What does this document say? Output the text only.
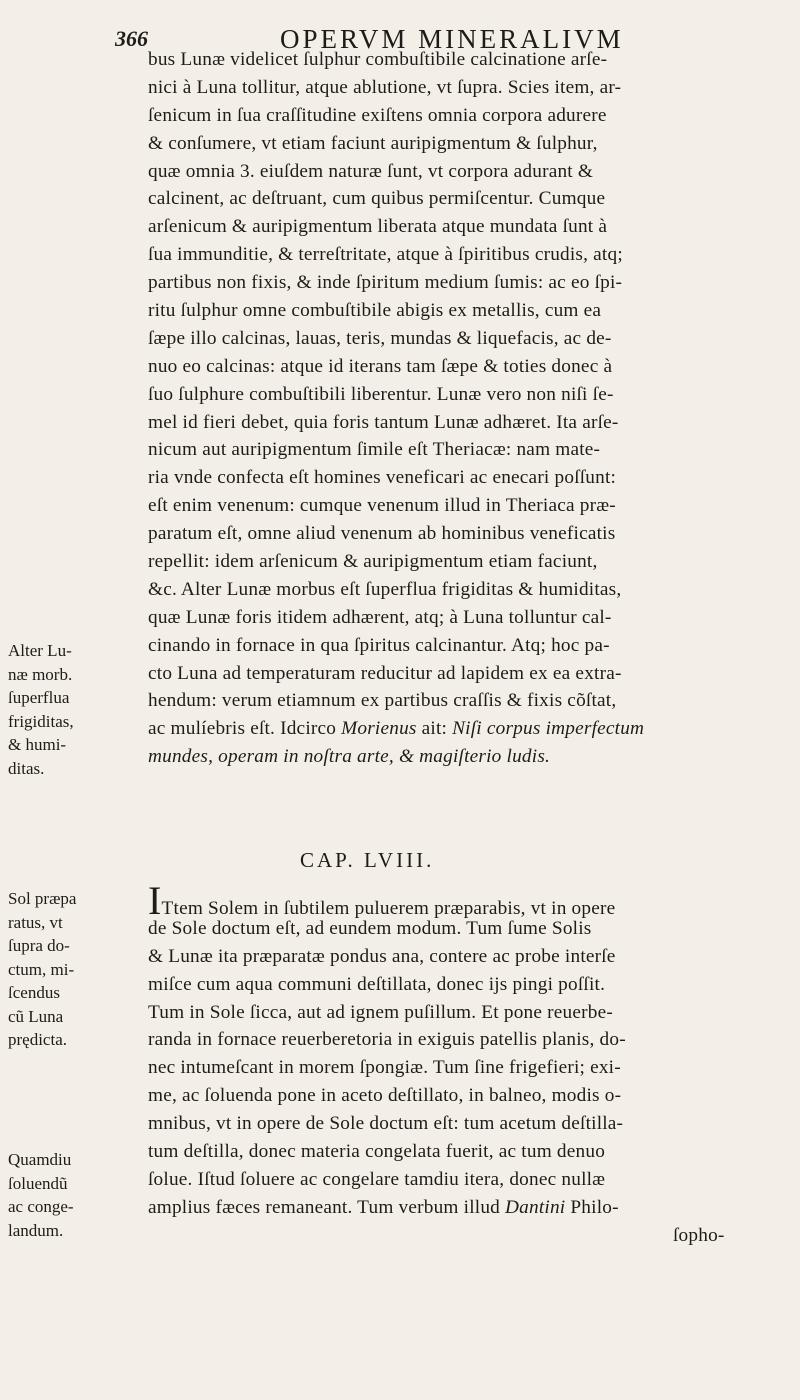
366	OPERVM MINERALIVM
Alter Lu-
næ morb.
ſuperflua
frigiditas,
& humi-
ditas.
Sol præpa
ratus, vt
ſupra do-
ctum, mi-
ſcendus
cũ Luna
prędicta.
Quamdiu
ſoluendũ
ac conge-
landum.
bus Lunæ videlicet ſulphur combuſtibile calcinatione arſe-
nici à Luna tollitur, atque ablutione, vt ſupra. Scies item, ar-
ſenicum in ſua craſſitudine exiſtens omnia corpora adurere
& conſumere, vt etiam faciunt auripigmentum & ſulphur,
quæ omnia 3. eiuſdem naturæ ſunt, vt corpora adurant &
calcinent, ac deſtruant, cum quibus permiſcentur. Cumque
arſenicum & auripigmentum liberata atque mundata ſunt à
ſua immunditie, & terreſtritate, atque à ſpiritibus crudis, atq;
partibus non fixis, & inde ſpiritum medium ſumis: ac eo ſpi-
ritu ſulphur omne combuſtibile abigis ex metallis, cum ea
ſæpe illo calcinas, lauas, teris, mundas & liquefacis, ac de-
nuo eo calcinas: atque id iterans tam ſæpe & toties donec à
ſuo ſulphure combuſtibili liberentur. Lunæ vero non niſi ſe-
mel id fieri debet, quia foris tantum Lunæ adhæret. Ita arſe-
nicum aut auripigmentum ſimile eſt Theriacæ: nam mate-
ria vnde confecta eſt homines veneficari ac enecari poſſunt:
eſt enim venenum: cumque venenum illud in Theriaca præ-
paratum eſt, omne aliud venenum ab hominibus veneficatis
repellit: idem arſenicum & auripigmentum etiam faciunt,
&c. Alter Lunæ morbus eſt ſuperflua frigiditas & humiditas,
quæ Lunæ foris itidem adhærent, atq; à Luna tolluntur cal-
cinando in fornace in qua ſpiritus calcinantur. Atq; hoc pa-
cto Luna ad temperaturam reducitur ad lapidem ex ea extra-
hendum: verum etiamnum ex partibus craſſis & fixis cõſtat,
ac mulíebris eſt. Idcirco Morienus ait: Niſi corpus imperfectum
mundes, operam in noſtra arte, & magiſterio ludis.
CAP. LVIII.
ITtem Solem in ſubtilem puluerem præparabis, vt in opere
de Sole doctum eſt, ad eundem modum. Tum ſume Solis
& Lunæ ita præparatæ pondus ana, contere ac probe interſe
miſce cum aqua communi deſtillata, donec ijs pingi poſſit.
Tum in Sole ſicca, aut ad ignem puſillum. Et pone reuerbe-
randa in fornace reuerberetoria in exiguis patellis planis, do-
nec intumeſcant in morem ſpongiæ. Tum ſine frigefieri; exi-
me, ac ſoluenda pone in aceto deſtillato, in balneo, modis o-
mnibus, vt in opere de Sole doctum eſt: tum acetum deſtilla-
tum deſtilla, donec materia congelata fuerit, ac tum denuo
ſolue. Iſtud ſoluere ac congelare tamdiu itera, donec nullæ
amplius fæces remaneant. Tum verbum illud Dantini Philo-
ſopho-
